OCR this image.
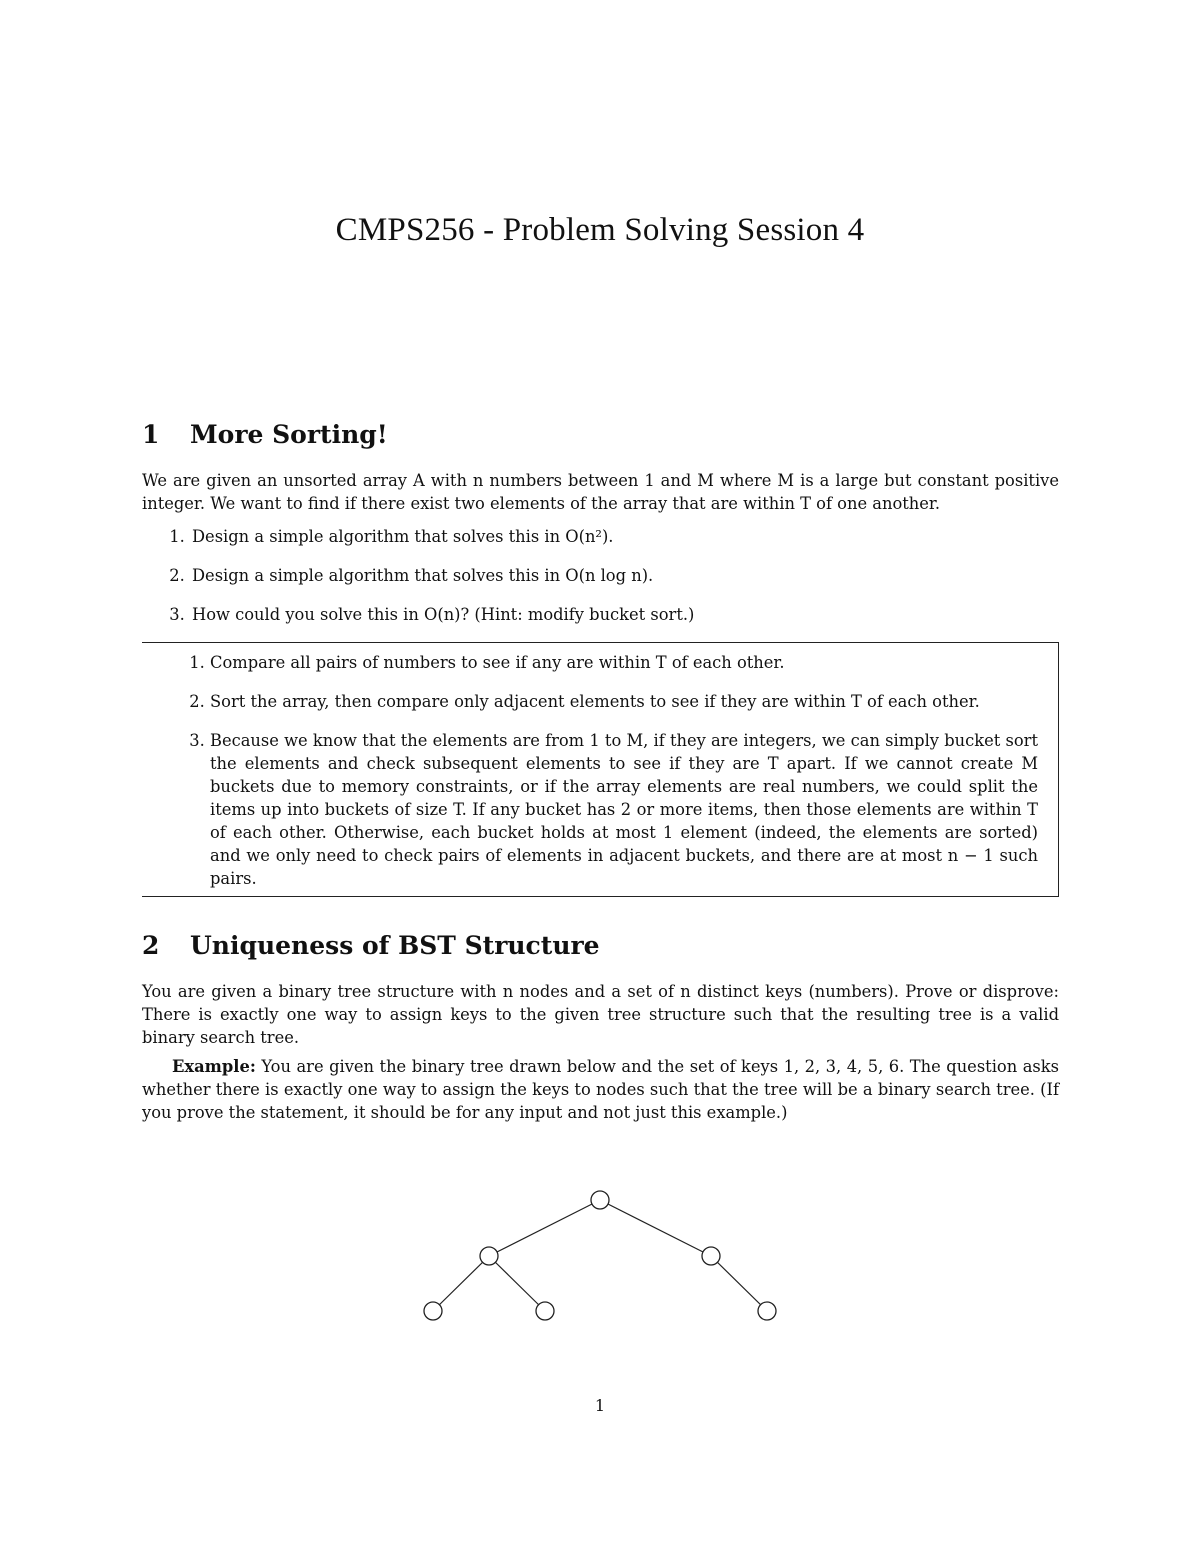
CMPS256 - Problem Solving Session 4
1	More Sorting!

We are given an unsorted array A with n numbers between 1 and M where M is a large but constant positive integer. We want to find if there exist two elements of the array that are within T of one another.

1. Design a simple algorithm that solves this in O(n²).
2. Design a simple algorithm that solves this in O(n log n).
3. How could you solve this in O(n)? (Hint: modify bucket sort.)
1. Compare all pairs of numbers to see if any are within T of each other.
2. Sort the array, then compare only adjacent elements to see if they are within T of each other.
3. Because we know that the elements are from 1 to M, if they are integers, we can simply bucket sort the elements and check subsequent elements to see if they are T apart. If we cannot create M buckets due to memory constraints, or if the array elements are real numbers, we could split the items up into buckets of size T. If any bucket has 2 or more items, then those elements are within T of each other. Otherwise, each bucket holds at most 1 element (indeed, the elements are sorted) and we only need to check pairs of elements in adjacent buckets, and there are at most n − 1 such pairs.
2	Uniqueness of BST Structure

You are given a binary tree structure with n nodes and a set of n distinct keys (numbers). Prove or disprove: There is exactly one way to assign keys to the given tree structure such that the resulting tree is a valid binary search tree.

Example: You are given the binary tree drawn below and the set of keys 1, 2, 3, 4, 5, 6. The question asks whether there is exactly one way to assign the keys to nodes such that the tree will be a binary search tree. (If you prove the statement, it should be for any input and not just this example.)

1
